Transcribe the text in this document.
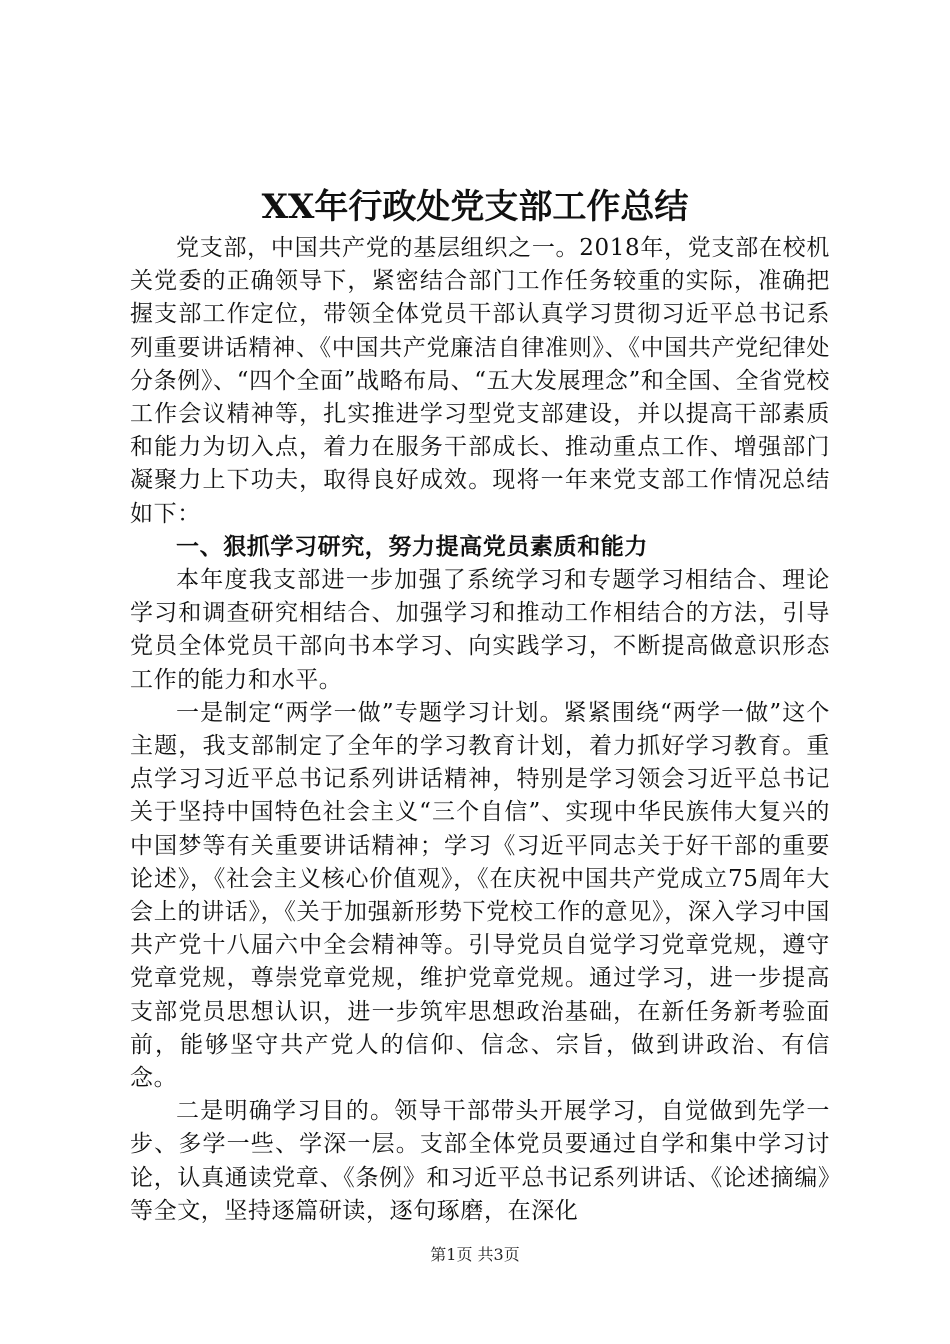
XX年行政处党支部工作总结

党支部，中国共产党的基层组织之一。2018年，党支部在校机关党委的正确领导下，紧密结合部门工作任务较重的实际，准确把握支部工作定位，带领全体党员干部认真学习贯彻习近平总书记系列重要讲话精神、《中国共产党廉洁自律准则》、《中国共产党纪律处分条例》、“四个全面”战略布局、“五大发展理念”和全国、全省党校工作会议精神等，扎实推进学习型党支部建设，并以提高干部素质和能力为切入点，着力在服务干部成长、推动重点工作、增强部门凝聚力上下功夫，取得良好成效。现将一年来党支部工作情况总结如下：

一、狠抓学习研究，努力提高党员素质和能力

本年度我支部进一步加强了系统学习和专题学习相结合、理论学习和调查研究相结合、加强学习和推动工作相结合的方法，引导党员全体党员干部向书本学习、向实践学习，不断提高做意识形态工作的能力和水平。

一是制定“两学一做”专题学习计划。紧紧围绕“两学一做”这个主题，我支部制定了全年的学习教育计划，着力抓好学习教育。重点学习习近平总书记系列讲话精神，特别是学习领会习近平总书记关于坚持中国特色社会主义“三个自信”、实现中华民族伟大复兴的中国梦等有关重要讲话精神；学习《习近平同志关于好干部的重要论述》，《社会主义核心价值观》，《在庆祝中国共产党成立75周年大会上的讲话》，《关于加强新形势下党校工作的意见》，深入学习中国共产党十八届六中全会精神等。引导党员自觉学习党章党规，遵守党章党规，尊崇党章党规，维护党章党规。通过学习，进一步提高支部党员思想认识，进一步筑牢思想政治基础，在新任务新考验面前，能够坚守共产党人的信仰、信念、宗旨，做到讲政治、有信念。

二是明确学习目的。领导干部带头开展学习，自觉做到先学一步、多学一些、学深一层。支部全体党员要通过自学和集中学习讨论，认真通读党章、《条例》和习近平总书记系列讲话、《论述摘编》等全文，坚持逐篇研读，逐句琢磨，在深化

第1页 共3页
